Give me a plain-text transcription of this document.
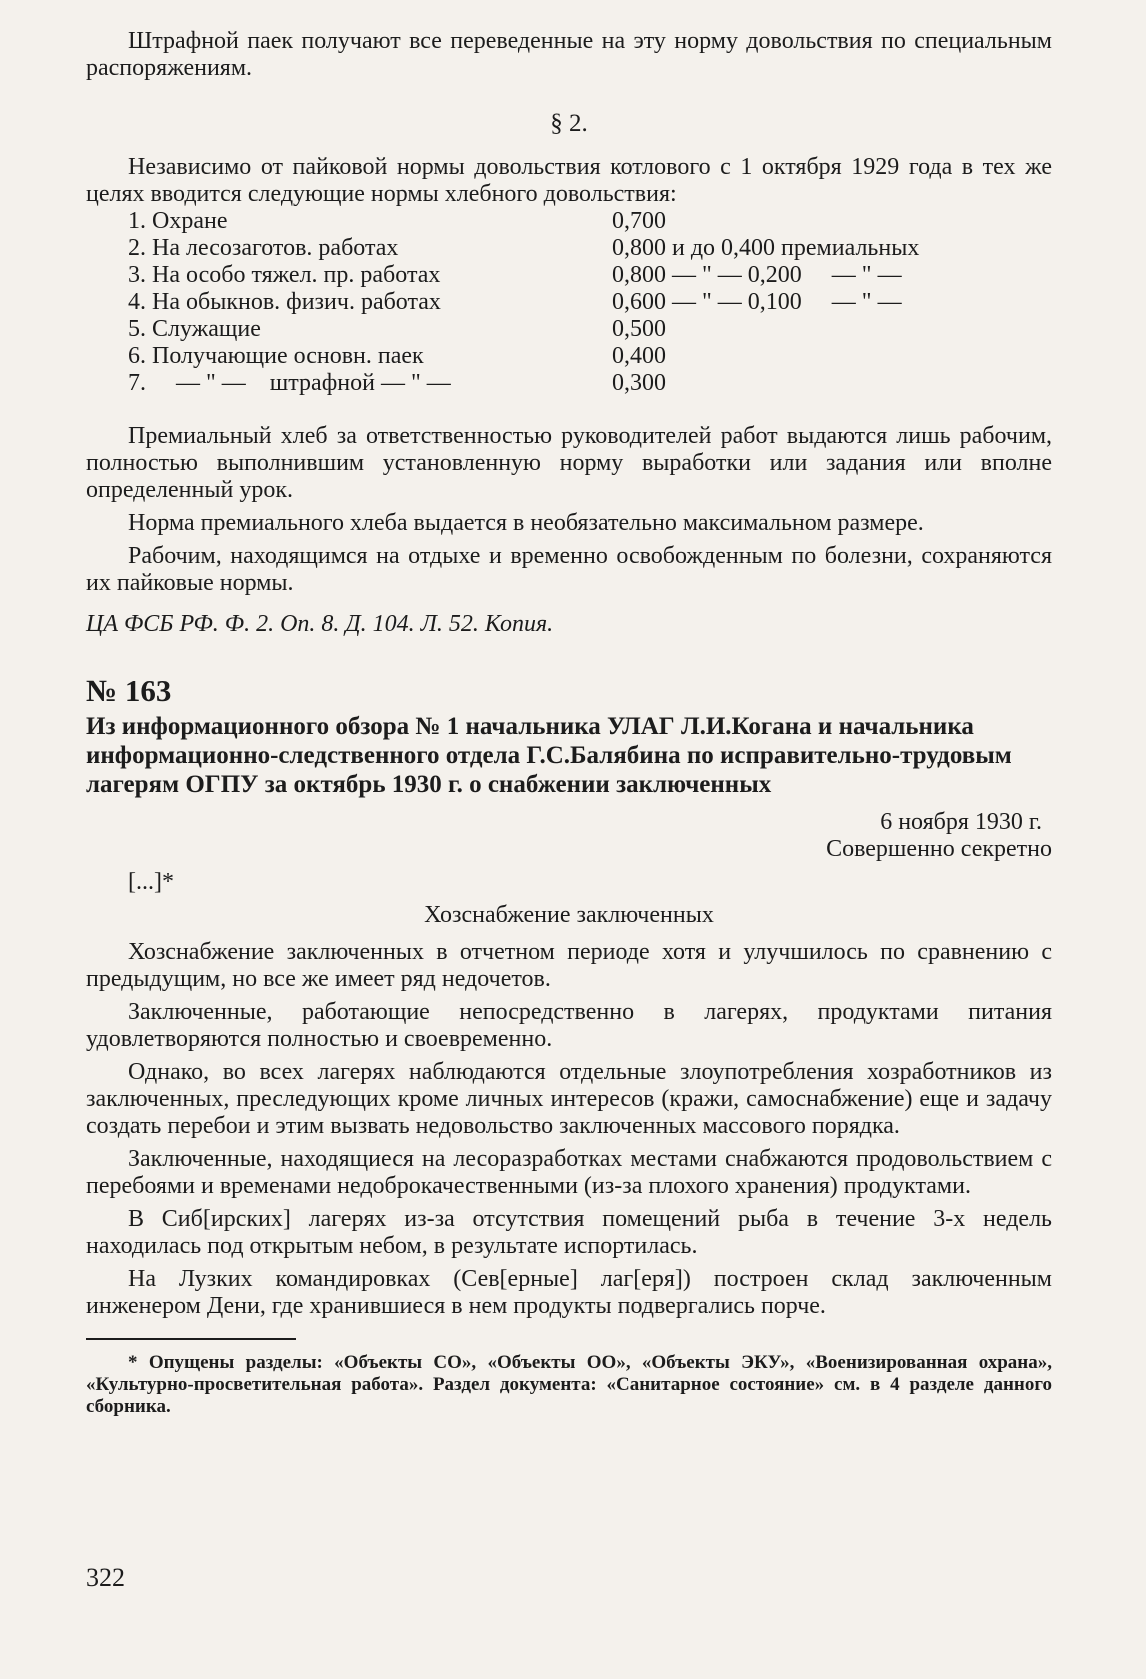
Штрафной паек получают все переведенные на эту норму довольствия по специальным распоряжениям.

§ 2.

Независимо от пайковой нормы довольствия котлового с 1 октября 1929 года в тех же целях вводится следующие нормы хлебного довольствия:

1. Охране	0,700
2. На лесозаготов. работах	0,800 и до 0,400 премиальных
3. На особо тяжел. пр. работах	0,800 — " — 0,200     — " —
4. На обыкнов. физич. работах	0,600 — " — 0,100     — " —
5. Служащие	0,500
6. Получающие основн. паек	0,400
7.     — " —    штрафной — " —	0,300

Премиальный хлеб за ответственностью руководителей работ выдаются лишь рабочим, полностью выполнившим установленную норму выработки или задания или вполне определенный урок.

Норма премиального хлеба выдается в необязательно максимальном размере.

Рабочим, находящимся на отдыхе и временно освобожденным по болезни, сохраняются их пайковые нормы.

ЦА ФСБ РФ. Ф. 2. Оп. 8. Д. 104. Л. 52. Копия.
№ 163

Из информационного обзора № 1 начальника УЛАГ Л.И.Когана и начальника информационно-следственного отдела Г.С.Балябина по исправительно-трудовым лагерям ОГПУ за октябрь 1930 г. о снабжении заключенных

6 ноября 1930 г.
Совершенно секретно

[...]*

Хозснабжение заключенных

Хозснабжение заключенных в отчетном периоде хотя и улучшилось по сравнению с предыдущим, но все же имеет ряд недочетов.

Заключенные, работающие непосредственно в лагерях, продуктами питания удовлетворяются полностью и своевременно.

Однако, во всех лагерях наблюдаются отдельные злоупотребления хозработников из заключенных, преследующих кроме личных интересов (кражи, самоснабжение) еще и задачу создать перебои и этим вызвать недовольство заключенных массового порядка.

Заключенные, находящиеся на лесоразработках местами снабжаются продовольствием с перебоями и временами недоброкачественными (из-за плохого хранения) продуктами.

В Сиб[ирских] лагерях из-за отсутствия помещений рыба в течение 3-х недель находилась под открытым небом, в результате испортилась.

На Лузких командировках (Сев[ерные] лаг[еря]) построен склад заключенным инженером Дени, где хранившиеся в нем продукты подвергались порче.

* Опущены разделы: «Объекты СО», «Объекты ОО», «Объекты ЭКУ», «Военизированная охрана», «Культурно-просветительная работа». Раздел документа: «Санитарное состояние» см. в 4 разделе данного сборника.

322
